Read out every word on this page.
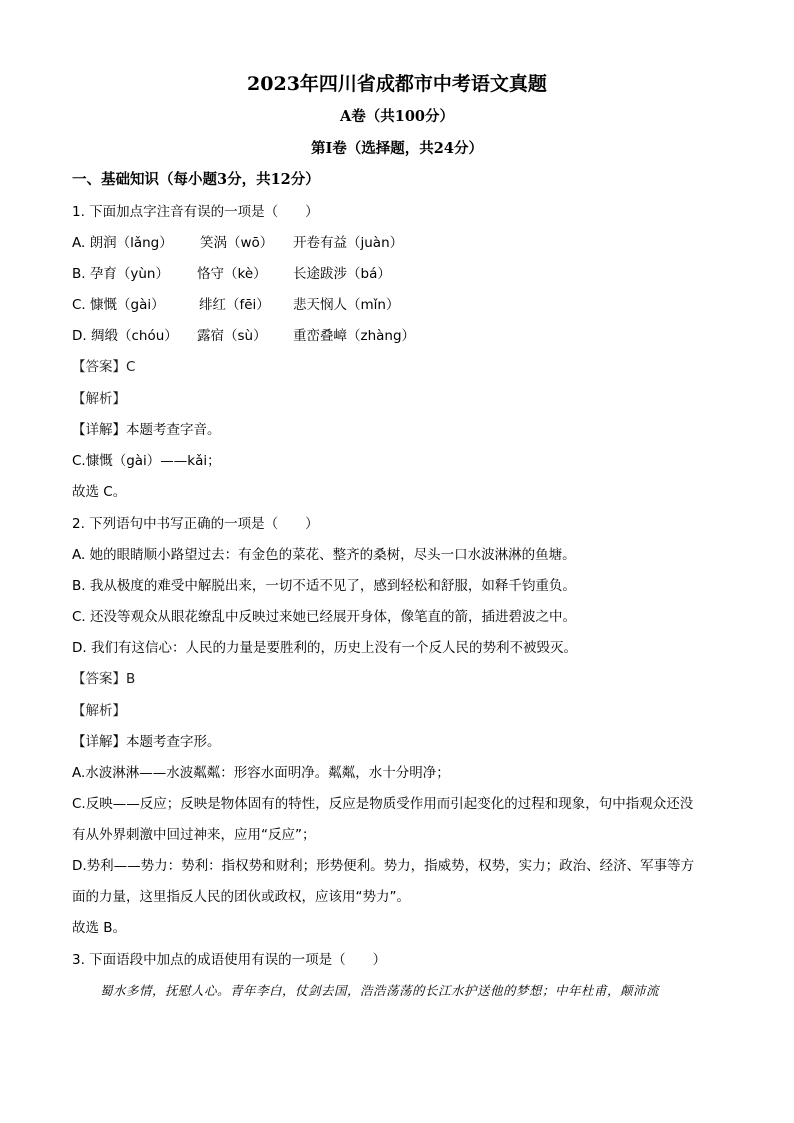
2023年四川省成都市中考语文真题
A卷（共100分）
第Ⅰ卷（选择题，共24分）
一、基础知识（每小题3分，共12分）
1. 下面加点字注音有误的一项是（　　）
A. 朗润（lǎng） 笑涡（wō） 开卷有益（juàn）
B. 孕育（yùn） 恪守（kè） 长途跋涉（bá）
C. 慷慨（gài）	绯红（fēi） 悲天悯人（mǐn）
D. 绸缎（chóu） 露宿（sù） 重峦叠嶂（zhàng）
【答案】C
【解析】
【详解】本题考查字音。
C.慷慨（gài）——kǎi；
故选 C。
2. 下列语句中书写正确的一项是（　　）
A. 她的眼睛顺小路望过去：有金色的菜花、整齐的桑树，尽头一口水波淋淋的鱼塘。
B. 我从极度的难受中解脱出来，一切不适不见了，感到轻松和舒服，如释千钧重负。
C. 还没等观众从眼花缭乱中反映过来她已经展开身体，像笔直的箭，插进碧波之中。
D. 我们有这信心：人民的力量是要胜利的，历史上没有一个反人民的势利不被毁灭。
【答案】B
【解析】
【详解】本题考查字形。
A.水波淋淋——水波粼粼：形容水面明净。粼粼，水十分明净；
C.反映——反应；反映是物体固有的特性，反应是物质受作用而引起变化的过程和现象，句中指观众还没
有从外界刺激中回过神来，应用“反应”；
D.势利——势力：势利：指权势和财利；形势便利。势力，指威势，权势，实力；政治、经济、军事等方
面的力量，这里指反人民的团伙或政权，应该用“势力”。
故选 B。
3. 下面语段中加点的成语使用有误的一项是（　　）
蜀水多情，抚慰人心。青年李白，仗剑去国，浩浩荡荡的长江水护送他的梦想；中年杜甫，颠沛流
